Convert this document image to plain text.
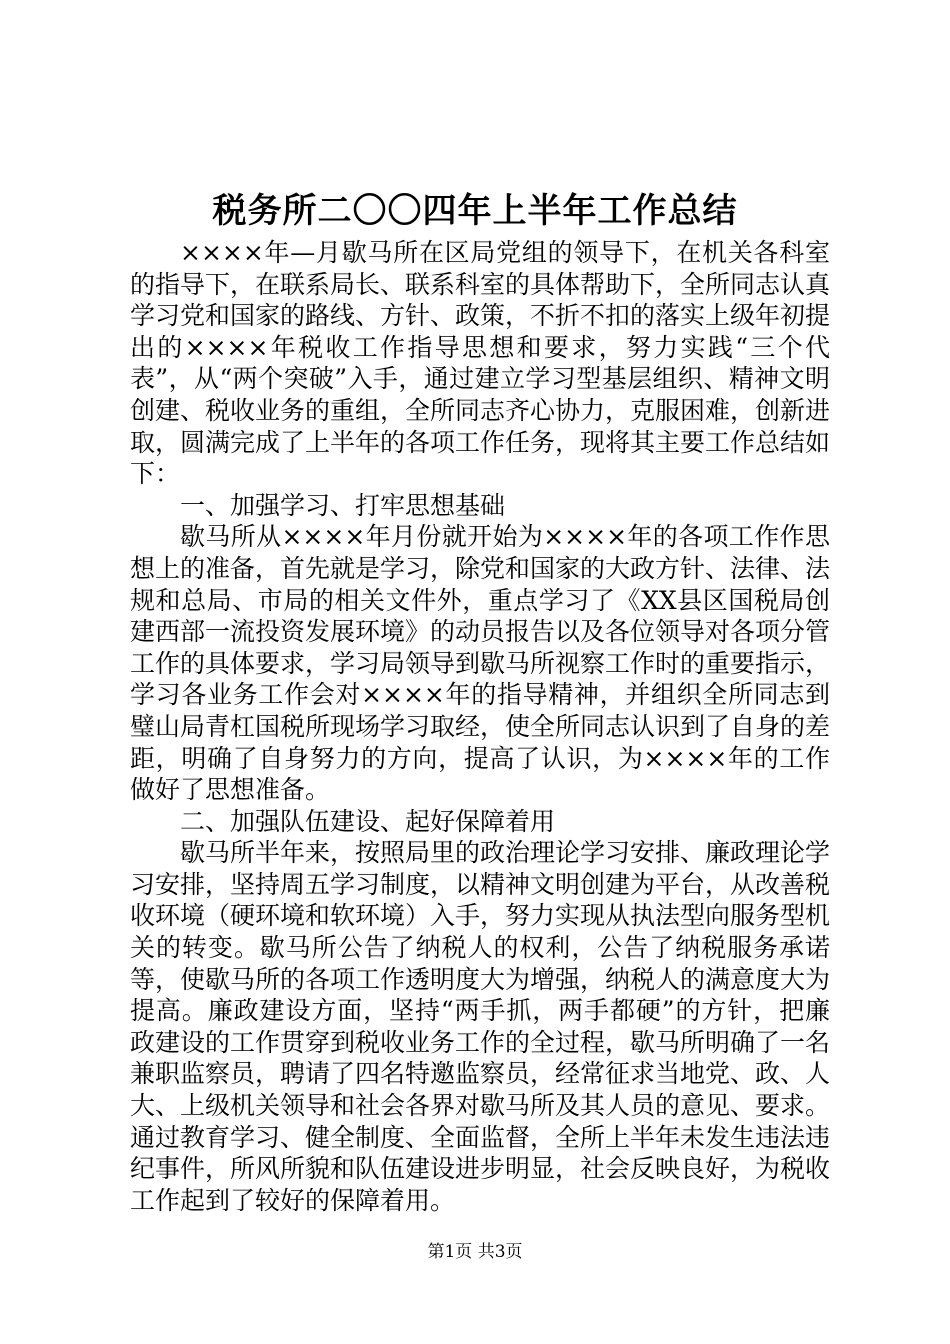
税务所二〇〇四年上半年工作总结

××××年—月歇马所在区局党组的领导下，在机关各科室的指导下，在联系局长、联系科室的具体帮助下，全所同志认真学习党和国家的路线、方针、政策，不折不扣的落实上级年初提出的××××年税收工作指导思想和要求，努力实践“三个代表”，从“两个突破”入手，通过建立学习型基层组织、精神文明创建、税收业务的重组，全所同志齐心协力，克服困难，创新进取，圆满完成了上半年的各项工作任务，现将其主要工作总结如下：

一、加强学习、打牢思想基础

歇马所从××××年月份就开始为××××年的各项工作作思想上的准备，首先就是学习，除党和国家的大政方针、法律、法规和总局、市局的相关文件外，重点学习了《XX县区国税局创建西部一流投资发展环境》的动员报告以及各位领导对各项分管工作的具体要求，学习局领导到歇马所视察工作时的重要指示，学习各业务工作会对××××年的指导精神，并组织全所同志到璧山局青杠国税所现场学习取经，使全所同志认识到了自身的差距，明确了自身努力的方向，提高了认识，为××××年的工作做好了思想准备。

二、加强队伍建设、起好保障着用

歇马所半年来，按照局里的政治理论学习安排、廉政理论学习安排，坚持周五学习制度，以精神文明创建为平台，从改善税收环境（硬环境和软环境）入手，努力实现从执法型向服务型机关的转变。歇马所公告了纳税人的权利，公告了纳税服务承诺等，使歇马所的各项工作透明度大为增强，纳税人的满意度大为提高。廉政建设方面，坚持“两手抓，两手都硬”的方针，把廉政建设的工作贯穿到税收业务工作的全过程，歇马所明确了一名兼职监察员，聘请了四名特邀监察员，经常征求当地党、政、人大、上级机关领导和社会各界对歇马所及其人员的意见、要求。通过教育学习、健全制度、全面监督，全所上半年未发生违法违纪事件，所风所貌和队伍建设进步明显，社会反映良好，为税收工作起到了较好的保障着用。

第1页 共3页
